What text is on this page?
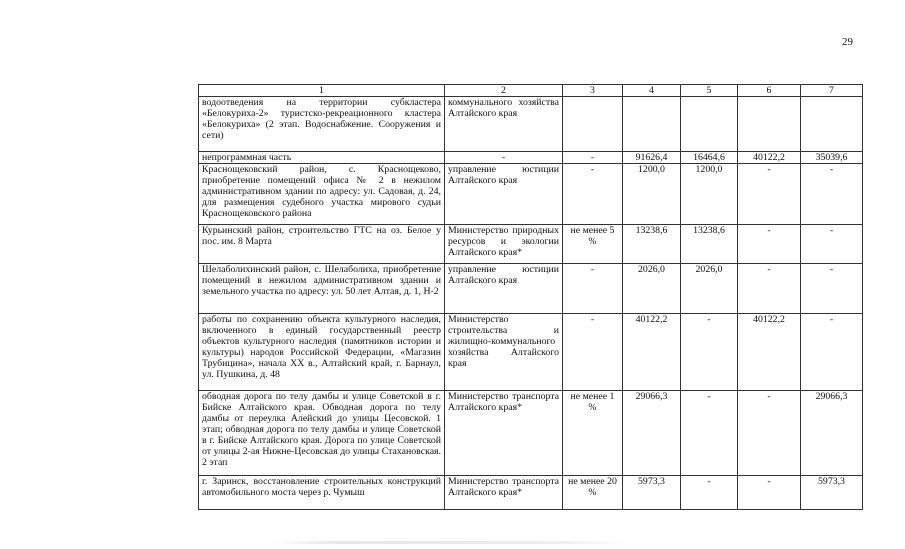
29
1	2	3	4	5	6	7
водоотведения на территории субкластера «Белокуриха-2» туристско-рекреационного кластера «Белокуриха» (2 этап. Водоснабжение. Сооружения и сети)	коммунального хозяйства Алтайского края					
непрограммная часть	-	-	91626,4	16464,6	40122,2	35039,6
Краснощековский район, с. Краснощеково, приобретение помещений офиса № 2 в нежилом административном здании по адресу: ул. Садовая, д. 24, для размещения судебного участка мирового судьи Краснощековского района	управление юстиции Алтайского края	-	1200,0	1200,0	-	-
Курьинский район, строительство ГТС на оз. Белое у пос. им. 8 Марта	Министерство природных ресурсов и экологии Алтайского края*	не менее 5 %	13238,6	13238,6	-	-
Шелаболихинский район, с. Шелаболиха, приобретение помещений в нежилом административном здании и земельного участка по адресу: ул. 50 лет Алтая, д. 1, Н-2	управление юстиции Алтайского края	-	2026,0	2026,0	-	-
работы по сохранению объекта культурного наследия, включенного в единый государственный реестр объектов культурного наследия (памятников истории и культуры) народов Российской Федерации, «Магазин Трубицина», начала XX в., Алтайский край, г. Барнаул, ул. Пушкина, д. 48	Министерство строительства и жилищно-коммунального хозяйства Алтайского края	-	40122,2	-	40122,2	-
обводная дорога по телу дамбы и улице Советской в г. Бийске Алтайского края. Обводная дорога по телу дамбы от переулка Алейский до улицы Цесовской. 1 этап; обводная дорога по телу дамбы и улице Советской в г. Бийске Алтайского края. Дорога по улице Советской от улицы 2-ая Нижне-Цесовская до улицы Стахановская. 2 этап	Министерство транспорта Алтайского края*	не менее 1 %	29066,3	-	-	29066,3
г. Заринск, восстановление строительных конструкций автомобильного моста через р. Чумыш	Министерство транспорта Алтайского края*	не менее 20 %	5973,3	-	-	5973,3
